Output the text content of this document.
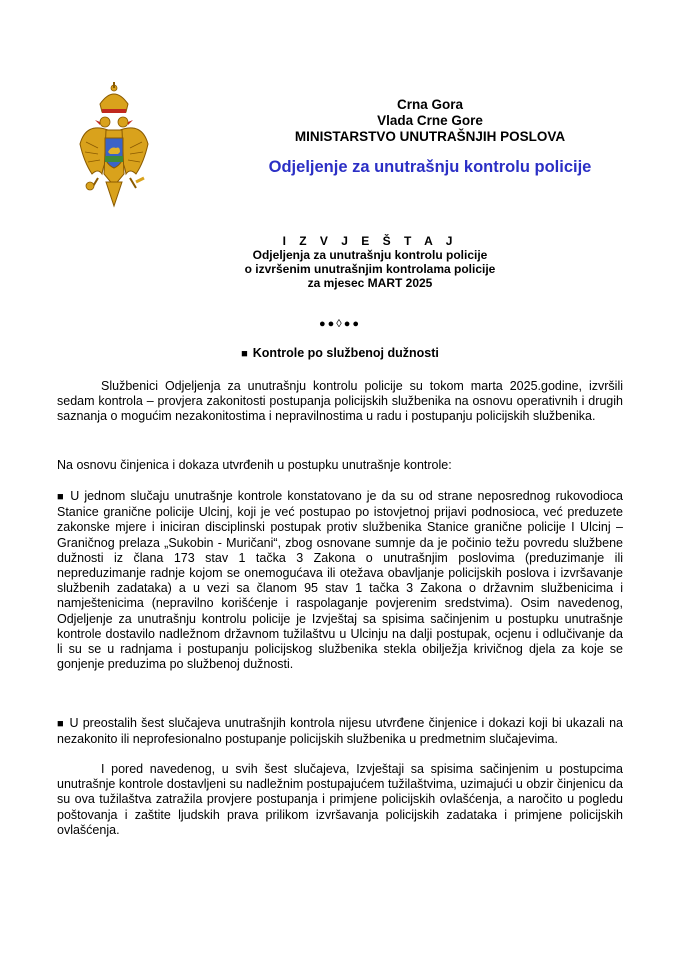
Crna Gora
Vlada Crne Gore
MINISTARSTVO UNUTRAŠNJIH POSLOVA
Odjeljenje za unutrašnju kontrolu policije
I Z V J E Š T A J
Odjeljenja za unutrašnju kontrolu policije
o izvršenim unutrašnjim kontrolama policije
za mjesec MART 2025
●●◊●●
■ Kontrole po službenoj dužnosti
Službenici Odjeljenja za unutrašnju kontrolu policije su tokom marta 2025.godine, izvršili sedam kontrola – provjera zakonitosti postupanja policijskih službenika na osnovu operativnih i drugih saznanja o mogućim nezakonitostima i nepravilnostima u radu i postupanju policijskih službenika.
Na osnovu činjenica i dokaza utvrđenih u postupku unutrašnje kontrole:
■ U jednom slučaju unutrašnje kontrole konstatovano je da su od strane neposrednog rukovodioca Stanice granične policije Ulcinj, koji je već postupao po istovjetnoj prijavi podnosioca, već preduzete zakonske mjere i iniciran disciplinski postupak protiv službenika Stanice granične policije I Ulcinj – Graničnog prelaza „Sukobin - Muričani“, zbog osnovane sumnje da je počinio težu povredu službene dužnosti iz člana 173 stav 1 tačka 3 Zakona o unutrašnjim poslovima (preduzimanje ili nepreduzimanje radnje kojom se onemogućava ili otežava obavljanje policijskih poslova i izvršavanje službenih zadataka) a u vezi sa članom 95 stav 1 tačka 3 Zakona o državnim službenicima i namještenicima (nepravilno korišćenje i raspolaganje povjerenim sredstvima). Osim navedenog, Odjeljenje za unutrašnju kontrolu policije je Izvještaj sa spisima sačinjenim u postupku unutrašnje kontrole dostavilo nadležnom državnom tužilaštvu u Ulcinju na dalji postupak, ocjenu i odlučivanje da li su se u radnjama i postupanju policijskog službenika stekla obilježja krivičnog djela za koje se gonjenje preduzima po službenoj dužnosti.
■ U preostalih šest slučajeva unutrašnjih kontrola nijesu utvrđene činjenice i dokazi koji bi ukazali na nezakonito ili neprofesionalno postupanje policijskih službenika u predmetnim slučajevima.
I pored navedenog, u svih šest slučajeva, Izvještaji sa spisima sačinjenim u postupcima unutrašnje kontrole dostavljeni su nadležnim postupajućem tužilaštvima, uzimajući u obzir činjenicu da su ova tužilaštva zatražila provjere postupanja i primjene policijskih ovlašćenja, a naročito u pogledu poštovanja i zaštite ljudskih prava prilikom izvršavanja policijskih zadataka i primjene policijskih ovlašćenja.
